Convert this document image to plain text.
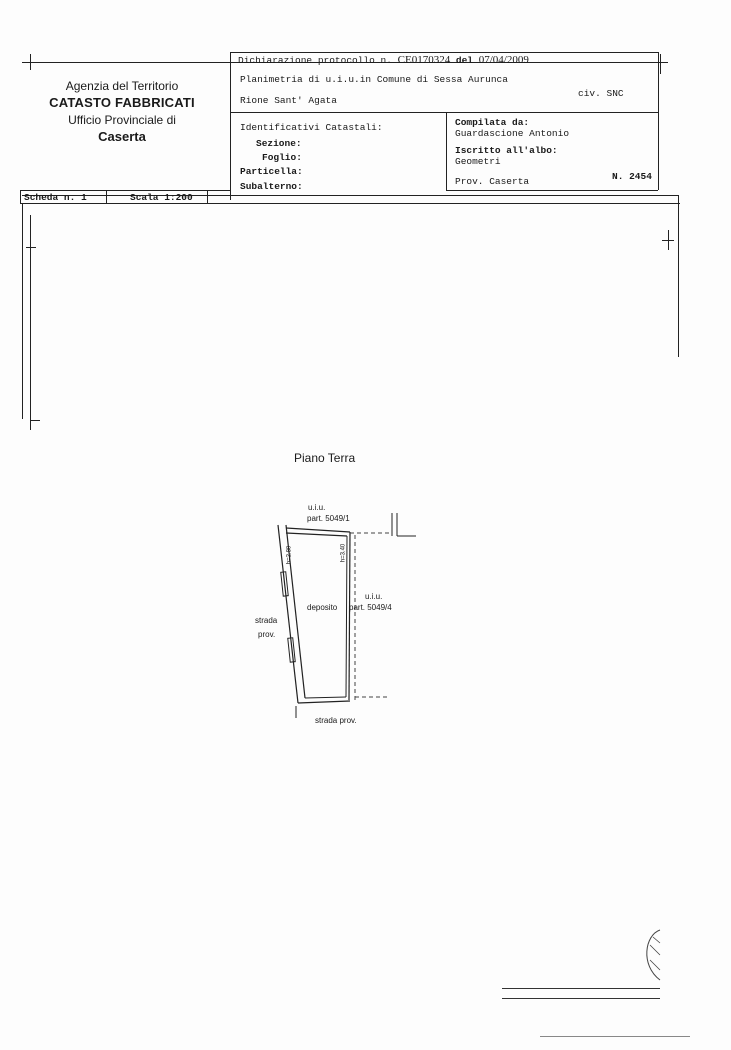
Agenzia del Territorio
CATASTO FABBRICATI
Ufficio Provinciale di
Caserta
Dichiarazione protocollo n. CE0170324 del 07/04/2009
Planimetria di u.i.u.in Comune di Sessa Aurunca
Rione Sant' Agata
civ. SNC
Identificativi Catastali:
Sezione:
Foglio:
Particella:
Subalterno:
Compilata da:
Guardascione Antonio
Iscritto all'albo:
Geometri
Prov. Caserta	N. 2454
Scheda n. 1	Scala 1:200
Piano Terra
u.i.u.
part. 5049/1
u.i.u.
part. 5049/4
deposito
strada
prov.
strada prov.
h=2.80	h=3.40
